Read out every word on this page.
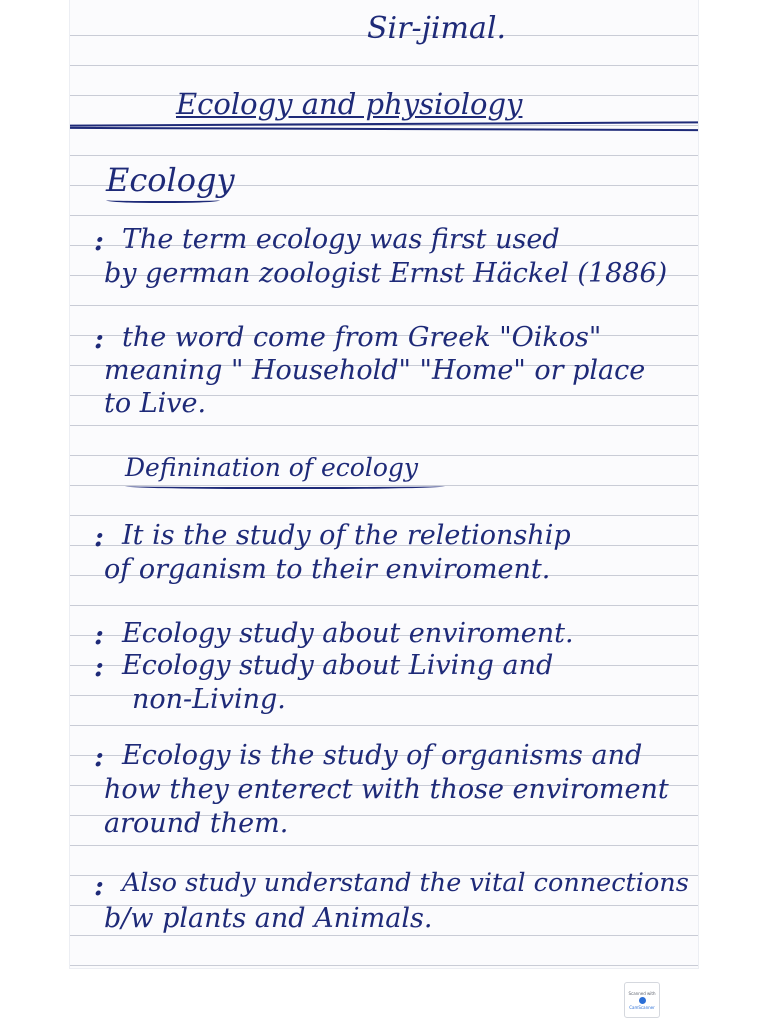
Sir-jimal.
Ecology and physiology
Ecology
: The term ecology was first used
by german zoologist Ernst Häckel (1886)
: the word come from Greek "Oikos"
meaning " Household" "Home" or place
to Live.
Definination of ecology
: It is the study of the reletionship
of organism to their enviroment.
: Ecology study about enviroment.
: Ecology study about Living and
non-Living.
: Ecology is the study of organisms and
how they enterect with those enviroment
around them.
: Also study understand the vital connections
b/w plants and Animals.
Scanned with
CamScanner
